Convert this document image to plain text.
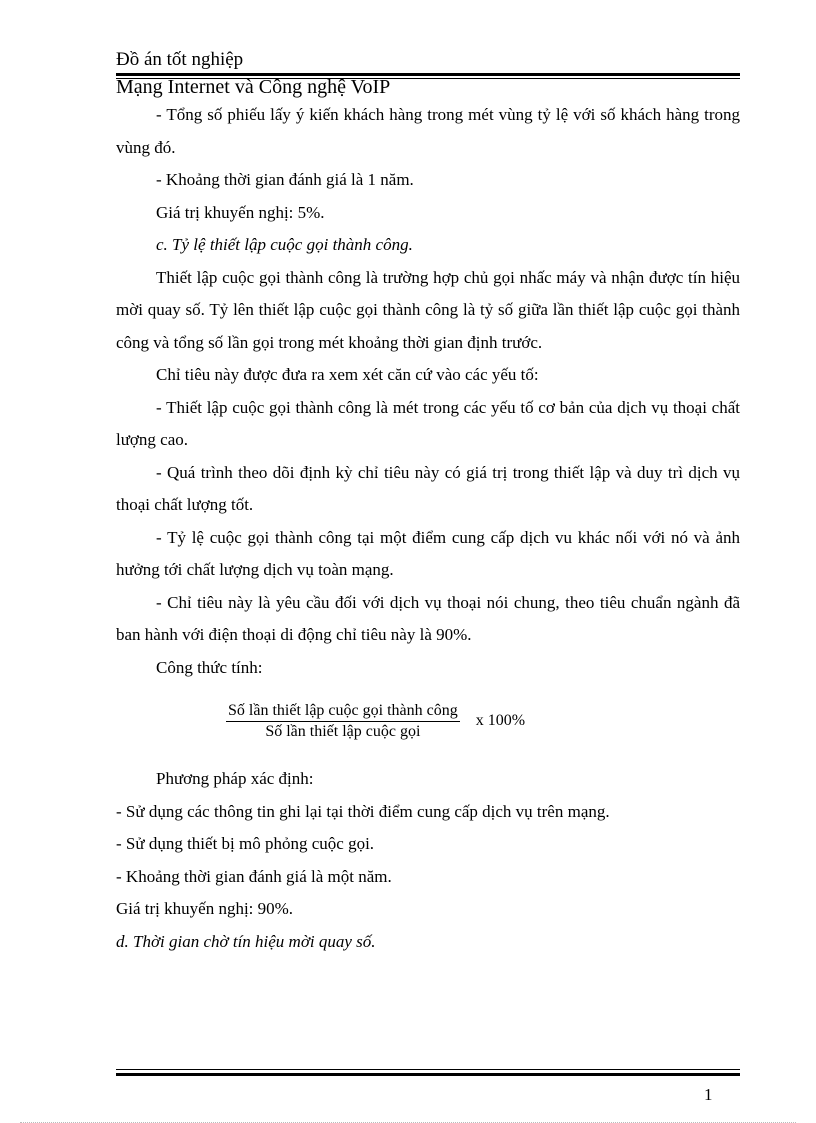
Đồ án tốt nghiệp
Mạng Internet và Công nghệ VoIP

- Tổng số phiếu lấy ý kiến khách hàng trong mét vùng tỷ lệ với số khách hàng trong vùng đó.

- Khoảng thời gian đánh giá là 1 năm.

Giá trị khuyến nghị: 5%.

c. Tỷ lệ thiết lập cuộc gọi thành công.

Thiết lập cuộc gọi thành công là trường hợp chủ gọi nhấc máy và nhận được tín hiệu mời quay số. Tỷ lên thiết lập cuộc gọi thành công là tỷ số giữa lần thiết lập cuộc gọi thành công và tổng số lần gọi trong mét khoảng thời gian định trước.

Chỉ tiêu này được đưa ra xem xét căn cứ vào các yếu tố:

- Thiết lập cuộc gọi thành công là mét trong các yếu tố cơ bản của dịch vụ thoại chất lượng cao.

- Quá trình theo dõi định kỳ chỉ tiêu này có giá trị trong thiết lập và duy trì dịch vụ thoại chất lượng tốt.

- Tỷ lệ cuộc gọi thành công tại một điểm cung cấp dịch vu khác nối với nó và ảnh hưởng tới chất lượng dịch vụ toàn mạng.

- Chỉ tiêu này là yêu cầu đối với dịch vụ thoại nói chung, theo tiêu chuẩn ngành đã ban hành với điện thoại di động chỉ tiêu này là 90%.

Công thức tính:

$\frac{\text{Số lần thiết lập cuộc gọi thành công}}{\text{Số lần thiết lập cuộc gọi}}$ x 100%

Phương pháp xác định:

- Sử dụng các thông tin ghi lại tại thời điểm cung cấp dịch vụ trên mạng.

- Sử dụng thiết bị mô phỏng cuộc gọi.

- Khoảng thời gian đánh giá là một năm.

Giá trị khuyến nghị: 90%.

d. Thời gian chờ tín hiệu mời quay số.

1
